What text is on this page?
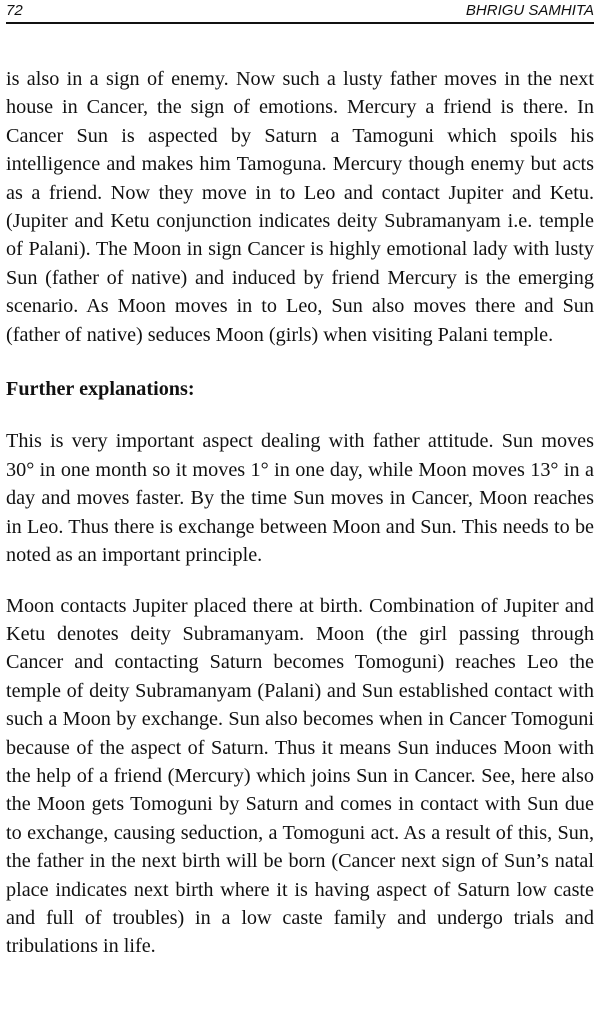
72	BHRIGU SAMHITA

is also in a sign of enemy. Now such a lusty father moves in the next house in Cancer, the sign of emotions. Mercury a friend is there. In Cancer Sun is aspected by Saturn a Tamoguni which spoils his intelligence and makes him Tamoguna. Mercury though enemy but acts as a friend. Now they move in to Leo and contact Jupiter and Ketu. (Jupiter and Ketu conjunction indicates deity Subramanyam i.e. temple of Palani). The Moon in sign Cancer is highly emotional lady with lusty Sun (father of native) and induced by friend Mercury is the emerging scenario. As Moon moves in to Leo, Sun also moves there and Sun (father of native) seduces Moon (girls) when visiting Palani temple.

Further explanations:

This is very important aspect dealing with father attitude. Sun moves 30° in one month so it moves 1° in one day, while Moon moves 13° in a day and moves faster. By the time Sun moves in Cancer, Moon reaches in Leo. Thus there is exchange between Moon and Sun. This needs to be noted as an important principle.

Moon contacts Jupiter placed there at birth. Combination of Jupiter and Ketu denotes deity Subramanyam. Moon (the girl passing through Cancer and contacting Saturn becomes Tomoguni) reaches Leo the temple of deity Subramanyam (Palani) and Sun established contact with such a Moon by exchange. Sun also becomes when in Cancer Tomoguni because of the aspect of Saturn. Thus it means Sun induces Moon with the help of a friend (Mercury) which joins Sun in Cancer. See, here also the Moon gets Tomoguni by Saturn and comes in contact with Sun due to exchange, causing seduction, a Tomoguni act. As a result of this, Sun, the father in the next birth will be born (Cancer next sign of Sun’s natal place indicates next birth where it is having aspect of Saturn low caste and full of troubles) in a low caste family and undergo trials and tribulations in life.
